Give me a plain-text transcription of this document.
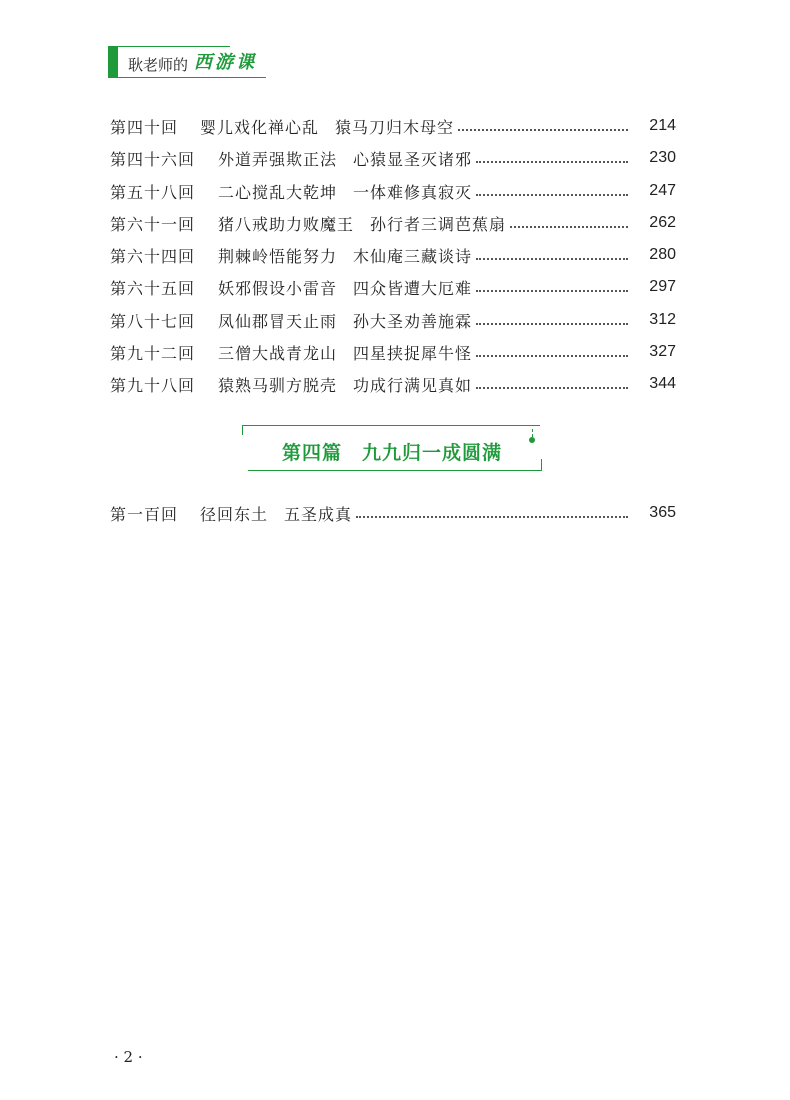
耿老师的 西游课
第四十回	婴儿戏化禅心乱 猿马刀归木母空	214
第四十六回	外道弄强欺正法 心猿显圣灭诸邪	230
第五十八回	二心搅乱大乾坤 一体难修真寂灭	247
第六十一回	猪八戒助力败魔王 孙行者三调芭蕉扇	262
第六十四回	荆棘岭悟能努力 木仙庵三藏谈诗	280
第六十五回	妖邪假设小雷音 四众皆遭大厄难	297
第八十七回	凤仙郡冒天止雨 孙大圣劝善施霖	312
第九十二回	三僧大战青龙山 四星挟捉犀牛怪	327
第九十八回	猿熟马驯方脱壳 功成行满见真如	344
第四篇　九九归一成圆满
第一百回	径回东土 五圣成真	365
· 2 ·
